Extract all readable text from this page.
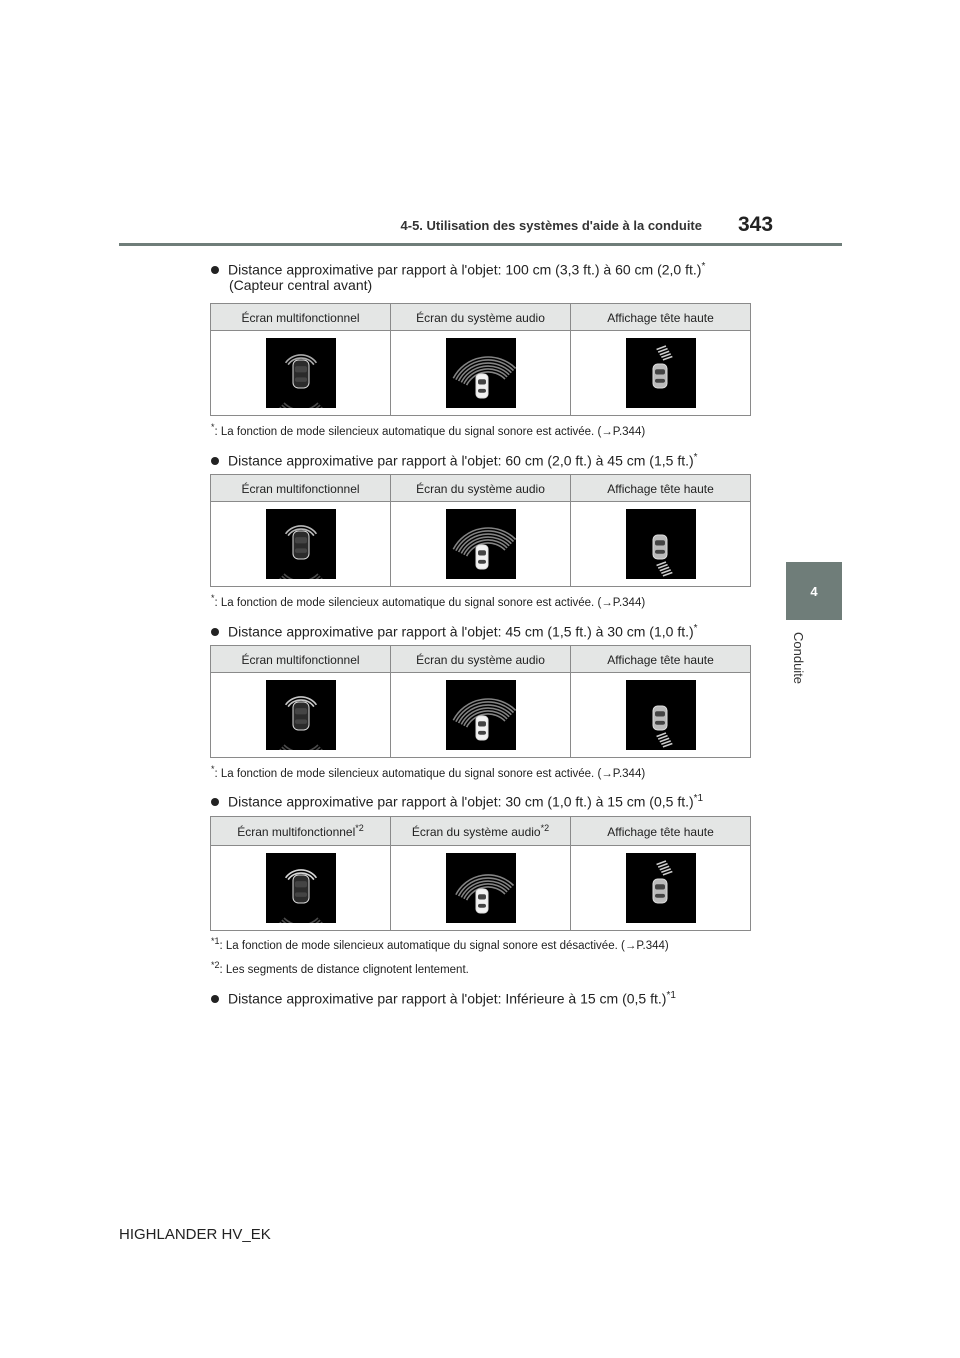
4-5. Utilisation des systèmes d'aide à la conduite 343
4
Conduite
Distance approximative par rapport à l'objet: 100 cm (3,3 ft.) à 60 cm (2,0 ft.)*
(Capteur central avant)
Écran multifonctionnel	Écran du système audio	Affichage tête haute

*: La fonction de mode silencieux automatique du signal sonore est activée. (→P.344)
Distance approximative par rapport à l'objet: 60 cm (2,0 ft.) à 45 cm (1,5 ft.)*
Écran multifonctionnel	Écran du système audio	Affichage tête haute

*: La fonction de mode silencieux automatique du signal sonore est activée. (→P.344)
Distance approximative par rapport à l'objet: 45 cm (1,5 ft.) à 30 cm (1,0 ft.)*
Écran multifonctionnel	Écran du système audio	Affichage tête haute

*: La fonction de mode silencieux automatique du signal sonore est activée. (→P.344)
Distance approximative par rapport à l'objet: 30 cm (1,0 ft.) à 15 cm (0,5 ft.)$^{*1}$
Écran multifonctionnel$^{*2}$	Écran du système audio$^{*2}$	Affichage tête haute

$^{*1}$: La fonction de mode silencieux automatique du signal sonore est désactivée. (→P.344)
$^{*2}$: Les segments de distance clignotent lentement.
Distance approximative par rapport à l'objet: Inférieure à 15 cm (0,5 ft.)$^{*1}$
HIGHLANDER HV_EK
